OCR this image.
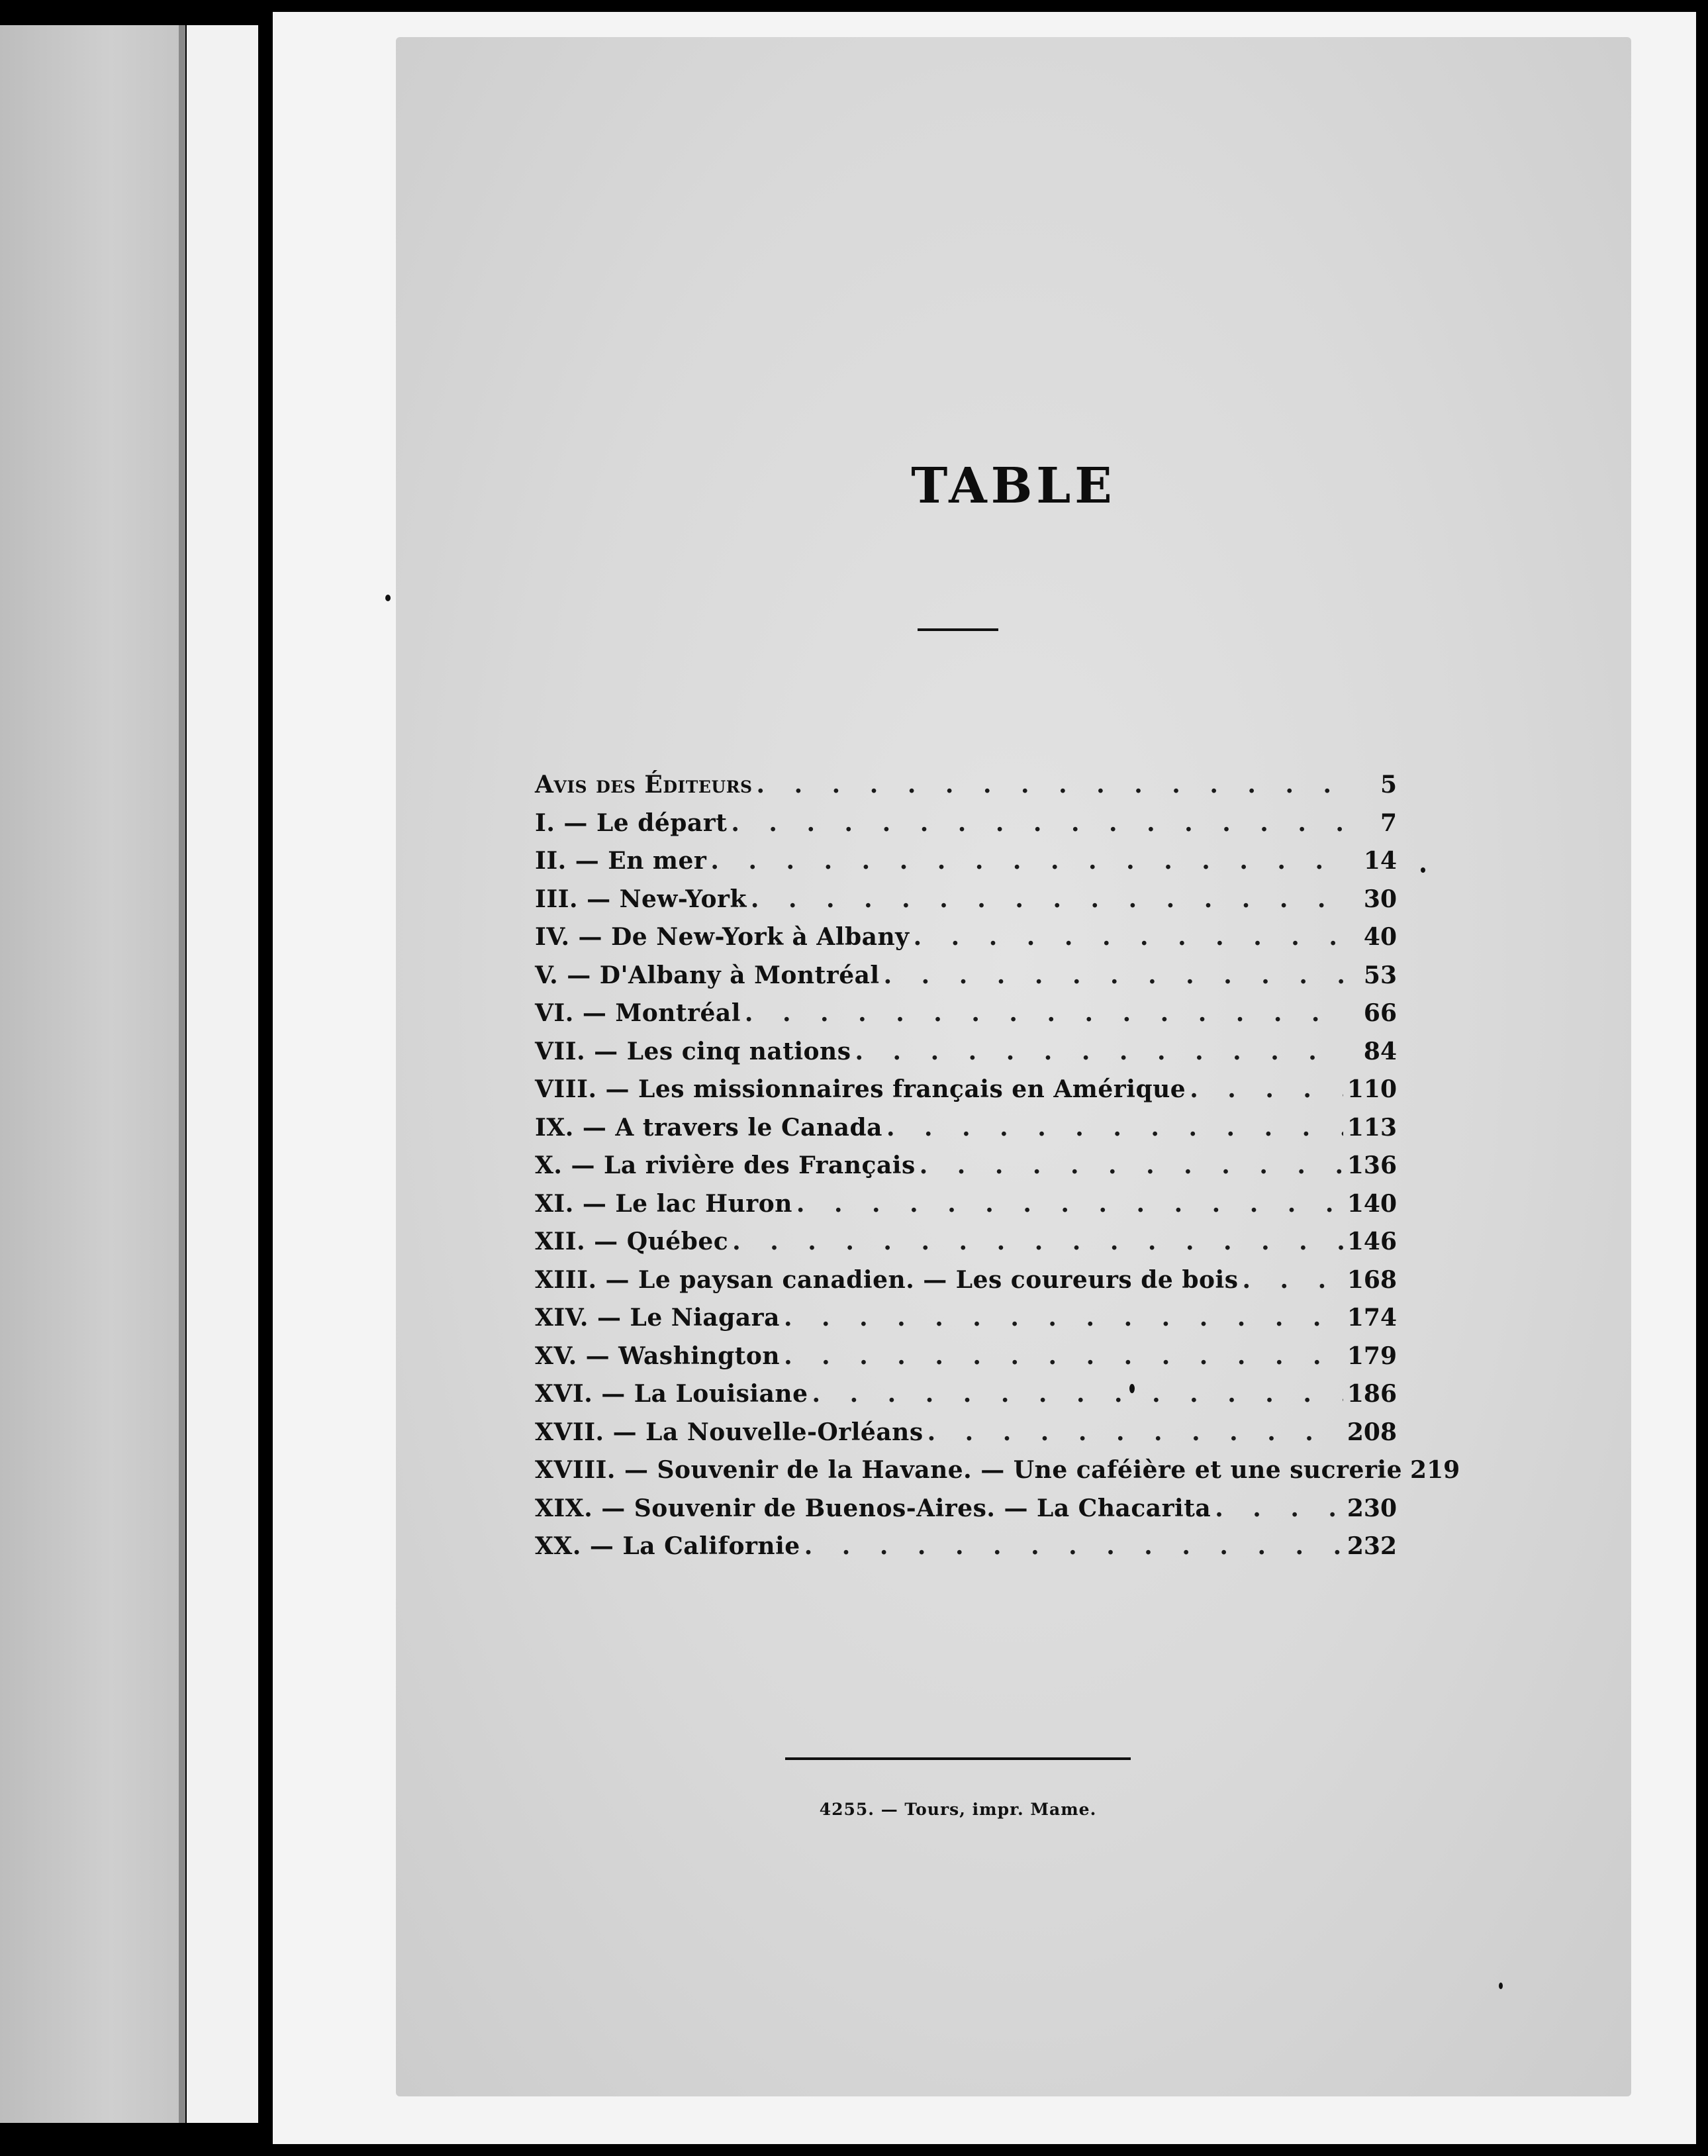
TABLE
Avis des Éditeurs . . .	5
I. — Le départ . . .	7
II. — En mer . . .	14
III. — New-York . . .	30
IV. — De New-York à Albany . . .	40
V. — D'Albany à Montréal . . .	53
VI. — Montréal . . .	66
VII. — Les cinq nations . . .	84
VIII. — Les missionnaires français en Amérique . . .	110
IX. — A travers le Canada . . .	113
X. — La rivière des Français . . .	136
XI. — Le lac Huron . . .	140
XII. — Québec . . .	146
XIII. — Le paysan canadien. — Les coureurs de bois . . .	168
XIV. — Le Niagara . . .	174
XV. — Washington . . .	179
XVI. — La Louisiane . . .	186
XVII. — La Nouvelle-Orléans . . .	208
XVIII. — Souvenir de la Havane. — Une caféière et une sucrerie 219
XIX. — Souvenir de Buenos-Aires. — La Chacarita . . .	230
XX. — La Californie . . .	232
4255. — Tours, impr. Mame.
